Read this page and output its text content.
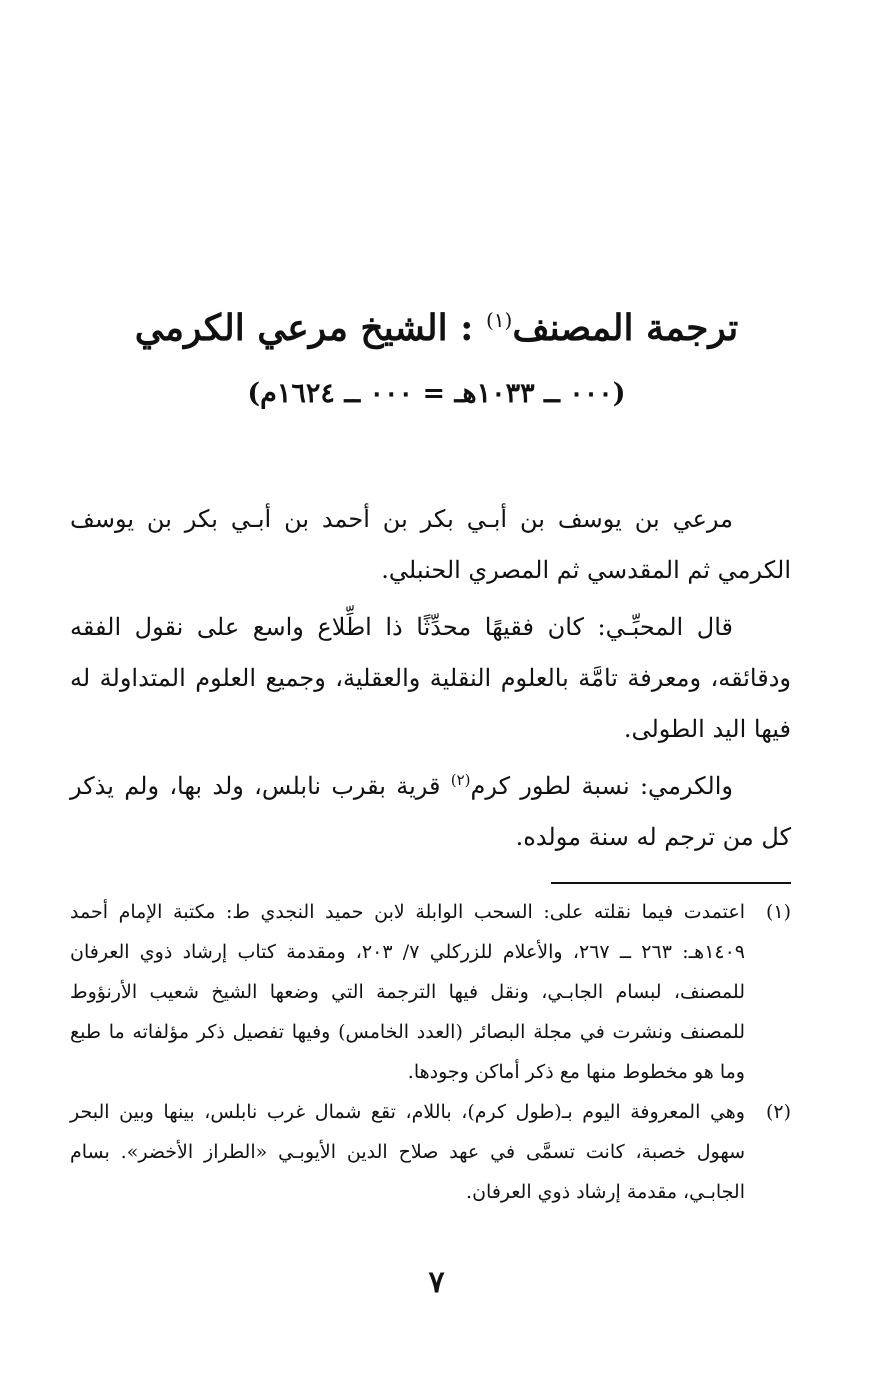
ترجمة المصنف$^{(١)}$ : الشيخ مرعي الكرمي
(٠٠٠ ــ ١٠٣٣هـ = ٠٠٠ ــ ١٦٢٤م)

مرعي بن يوسف بن أبـي بكر بن أحمد بن أبـي بكر بن يوسف الكرمي ثم المقدسي ثم المصري الحنبلي.

قال المحبِّـي: كان فقيهًا محدِّثًا ذا اطِّلاع واسع على نقول الفقه ودقائقه، ومعرفة تامَّة بالعلوم النقلية والعقلية، وجميع العلوم المتداولة له فيها اليد الطولى.

والكرمي: نسبة لطور كرم$^{(٢)}$ قرية بقرب نابلس، ولد بها، ولم يذكر كل من ترجم له سنة مولده.

(١)
اعتمدت فيما نقلته على: السحب الوابلة لابن حميد النجدي ط: مكتبة الإمام أحمد ١٤٠٩هـ: ٢٦٣ ــ ٢٦٧، والأعلام للزركلي ٧/ ٢٠٣، ومقدمة كتاب إرشاد ذوي العرفان للمصنف، لبسام الجابـي، ونقل فيها الترجمة التي وضعها الشيخ شعيب الأرنؤوط للمصنف ونشرت في مجلة البصائر (العدد الخامس) وفيها تفصيل ذكر مؤلفاته ما طبع وما هو مخطوط منها مع ذكر أماكن وجودها.
(٢)
وهي المعروفة اليوم بـ(طول كرم)، باللام، تقع شمال غرب نابلس، بينها وبين البحر سهول خصبة، كانت تسمَّى في عهد صلاح الدين الأيوبـي «الطراز الأخضر». بسام الجابـي، مقدمة إرشاد ذوي العرفان.
٧
